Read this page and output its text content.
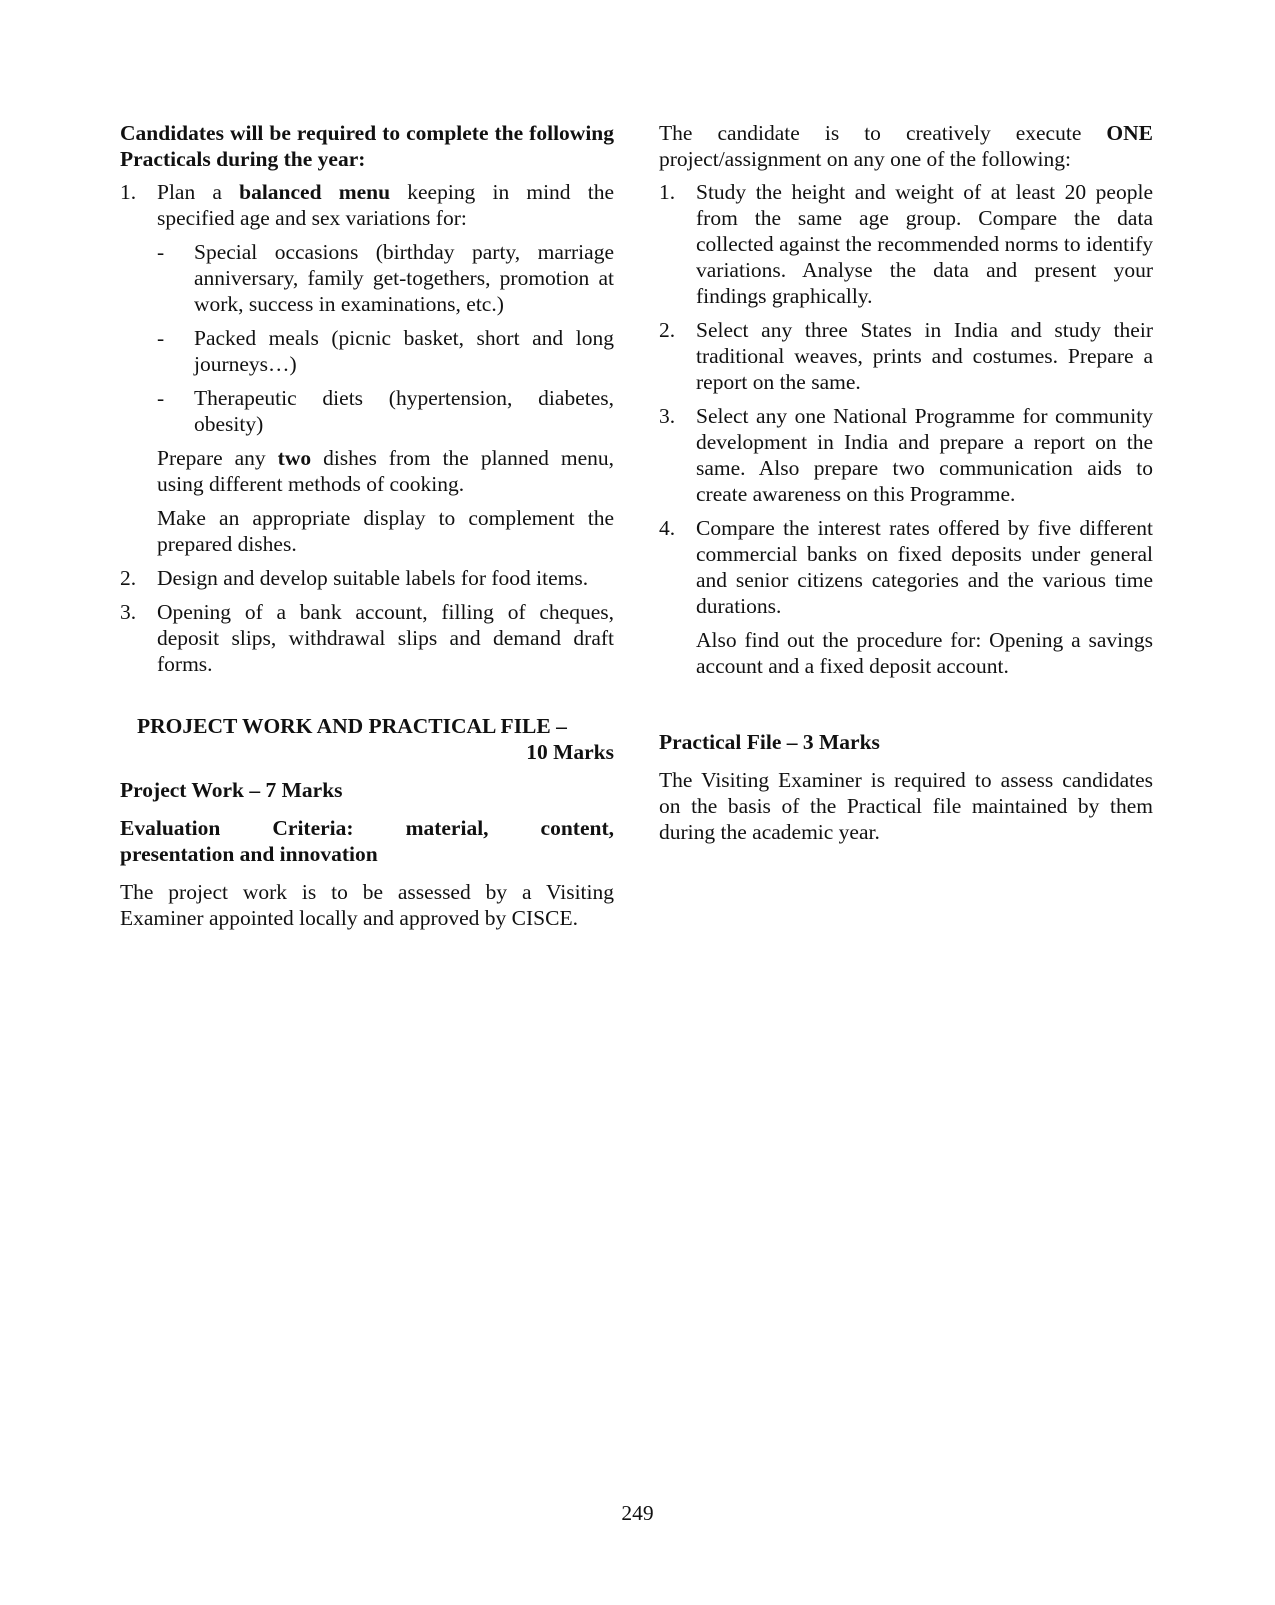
Candidates will be required to complete the following Practicals during the year:

1. Plan a balanced menu keeping in mind the specified age and sex variations for:

- Special occasions (birthday party, marriage anniversary, family get-togethers, promotion at work, success in examinations, etc.)

- Packed meals (picnic basket, short and long journeys…)

- Therapeutic diets (hypertension, diabetes, obesity)

Prepare any two dishes from the planned menu, using different methods of cooking.

Make an appropriate display to complement the prepared dishes.

2. Design and develop suitable labels for food items.

3. Opening of a bank account, filling of cheques, deposit slips, withdrawal slips and demand draft forms.

PROJECT WORK AND PRACTICAL FILE –
10 Marks

Project Work – 7 Marks

Evaluation Criteria: material, content,
presentation and innovation

The project work is to be assessed by a Visiting Examiner appointed locally and approved by CISCE.

The candidate is to creatively execute ONE project/assignment on any one of the following:

1. Study the height and weight of at least 20 people from the same age group. Compare the data collected against the recommended norms to identify variations. Analyse the data and present your findings graphically.

2. Select any three States in India and study their traditional weaves, prints and costumes. Prepare a report on the same.

3. Select any one National Programme for community development in India and prepare a report on the same. Also prepare two communication aids to create awareness on this Programme.

4. Compare the interest rates offered by five different commercial banks on fixed deposits under general and senior citizens categories and the various time durations.

Also find out the procedure for: Opening a savings account and a fixed deposit account.

Practical File – 3 Marks

The Visiting Examiner is required to assess candidates on the basis of the Practical file maintained by them during the academic year.

249
